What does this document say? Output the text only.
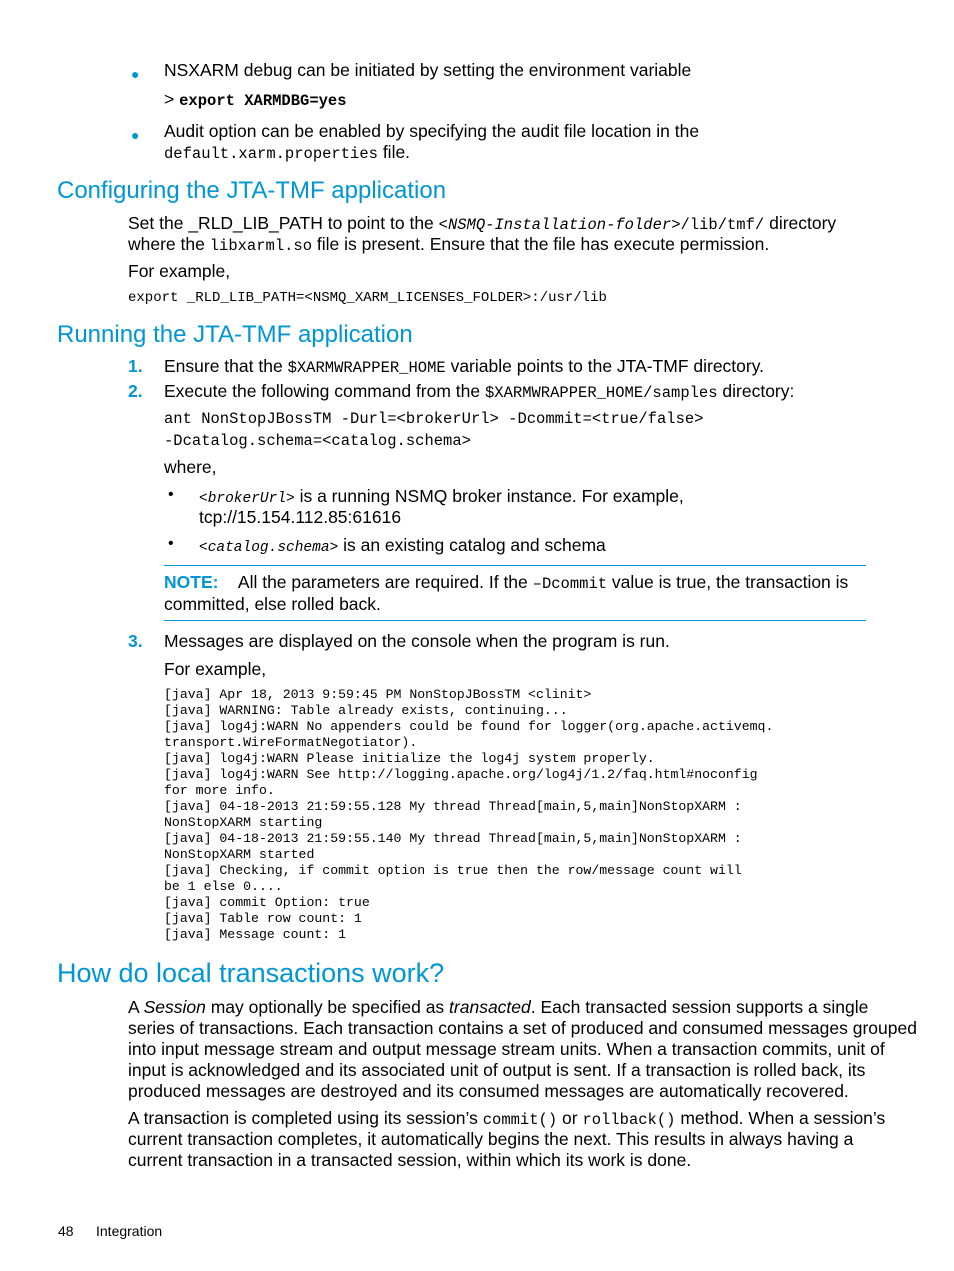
● NSXARM debug can be initiated by setting the environment variable
> export XARMDBG=yes
● Audit option can be enabled by specifying the audit file location in the
default.xarm.properties file.
Configuring the JTA-TMF application
Set the _RLD_LIB_PATH to point to the <NSMQ-Installation-folder>/lib/tmf/ directory
where the libxarml.so file is present. Ensure that the file has execute permission.
For example,
export _RLD_LIB_PATH=<NSMQ_XARM_LICENSES_FOLDER>:/usr/lib
Running the JTA-TMF application
1. Ensure that the $XARMWRAPPER_HOME variable points to the JTA-TMF directory.
2. Execute the following command from the $XARMWRAPPER_HOME/samples directory:
ant NonStopJBossTM -Durl=<brokerUrl> -Dcommit=<true/false>
-Dcatalog.schema=<catalog.schema>
where,
• <brokerUrl> is a running NSMQ broker instance. For example,
tcp://15.154.112.85:61616
• <catalog.schema> is an existing catalog and schema
NOTE: All the parameters are required. If the –Dcommit value is true, the transaction is
committed, else rolled back.
3. Messages are displayed on the console when the program is run.
For example,
[java] Apr 18, 2013 9:59:45 PM NonStopJBossTM <clinit>
[java] WARNING: Table already exists, continuing...
[java] log4j:WARN No appenders could be found for logger(org.apache.activemq.
transport.WireFormatNegotiator).
[java] log4j:WARN Please initialize the log4j system properly.
[java] log4j:WARN See http://logging.apache.org/log4j/1.2/faq.html#noconfig
for more info.
[java] 04-18-2013 21:59:55.128 My thread Thread[main,5,main]NonStopXARM :
NonStopXARM starting
[java] 04-18-2013 21:59:55.140 My thread Thread[main,5,main]NonStopXARM :
NonStopXARM started
[java] Checking, if commit option is true then the row/message count will
be 1 else 0....
[java] commit Option: true
[java] Table row count: 1
[java] Message count: 1
How do local transactions work?
A Session may optionally be specified as transacted. Each transacted session supports a single
series of transactions. Each transaction contains a set of produced and consumed messages grouped
into input message stream and output message stream units. When a transaction commits, unit of
input is acknowledged and its associated unit of output is sent. If a transaction is rolled back, its
produced messages are destroyed and its consumed messages are automatically recovered.
A transaction is completed using its session’s commit() or rollback() method. When a session’s
current transaction completes, it automatically begins the next. This results in always having a
current transaction in a transacted session, within which its work is done.
48 Integration
